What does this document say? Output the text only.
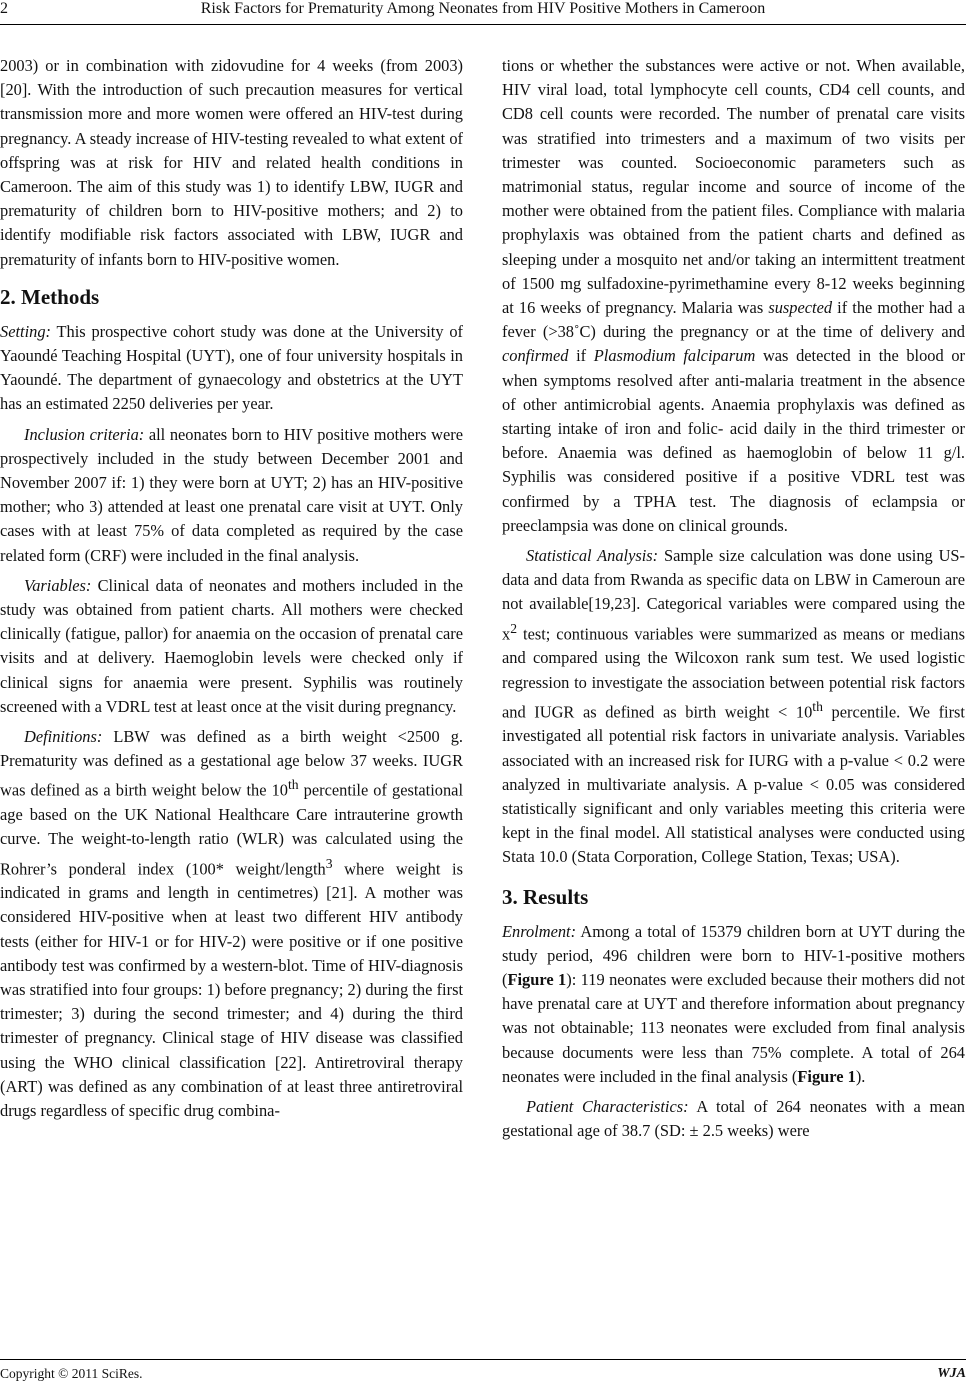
2	Risk Factors for Prematurity Among Neonates from HIV Positive Mothers in Cameroon

2003) or in combination with zidovudine for 4 weeks (from 2003) [20]. With the introduction of such precaution measures for vertical transmission more and more women were offered an HIV-test during pregnancy. A steady increase of HIV-testing revealed to what extent of offspring was at risk for HIV and related health conditions in Cameroon. The aim of this study was 1) to identify LBW, IUGR and prematurity of children born to HIV-positive mothers; and 2) to identify modifiable risk factors associated with LBW, IUGR and prematurity of infants born to HIV-positive women.

2. Methods

Setting: This prospective cohort study was done at the University of Yaoundé Teaching Hospital (UYT), one of four university hospitals in Yaoundé. The department of gynaecology and obstetrics at the UYT has an estimated 2250 deliveries per year.

Inclusion criteria: all neonates born to HIV positive mothers were prospectively included in the study between December 2001 and November 2007 if: 1) they were born at UYT; 2) has an HIV-positive mother; who 3) attended at least one prenatal care visit at UYT. Only cases with at least 75% of data completed as required by the case related form (CRF) were included in the final analysis.

Variables: Clinical data of neonates and mothers included in the study was obtained from patient charts. All mothers were checked clinically (fatigue, pallor) for anaemia on the occasion of prenatal care visits and at delivery. Haemoglobin levels were checked only if clinical signs for anaemia were present. Syphilis was routinely screened with a VDRL test at least once at the visit during pregnancy.

Definitions: LBW was defined as a birth weight <2500 g. Prematurity was defined as a gestational age below 37 weeks. IUGR was defined as a birth weight below the 10th percentile of gestational age based on the UK National Healthcare Care intrauterine growth curve. The weight-to-length ratio (WLR) was calculated using the Rohrer’s ponderal index (100* weight/length$^3$ where weight is indicated in grams and length in centimetres) [21]. A mother was considered HIV-positive when at least two different HIV antibody tests (either for HIV-1 or for HIV-2) were positive or if one positive antibody test was confirmed by a western-blot. Time of HIV-diagnosis was stratified into four groups: 1) before pregnancy; 2) during the first trimester; 3) during the second trimester; and 4) during the third trimester of pregnancy. Clinical stage of HIV disease was classified using the WHO clinical classification [22]. Antiretroviral therapy (ART) was defined as any combination of at least three antiretroviral drugs regardless of specific drug combina-

tions or whether the substances were active or not. When available, HIV viral load, total lymphocyte cell counts, CD4 cell counts, and CD8 cell counts were recorded. The number of prenatal care visits was stratified into trimesters and a maximum of two visits per trimester was counted. Socioeconomic parameters such as matrimonial status, regular income and source of income of the mother were obtained from the patient files. Compliance with malaria prophylaxis was obtained from the patient charts and defined as sleeping under a mosquito net and/or taking an intermittent treatment of 1500 mg sulfadoxine-pyrimethamine every 8-12 weeks beginning at 16 weeks of pregnancy. Malaria was suspected if the mother had a fever (>38˚C) during the pregnancy or at the time of delivery and confirmed if Plasmodium falciparum was detected in the blood or when symptoms resolved after anti-malaria treatment in the absence of other antimicrobial agents. Anaemia prophylaxis was defined as starting intake of iron and folic- acid daily in the third trimester or before. Anaemia was defined as haemoglobin of below 11 g/l. Syphilis was considered positive if a positive VDRL test was confirmed by a TPHA test. The diagnosis of eclampsia or preeclampsia was done on clinical grounds.

Statistical Analysis: Sample size calculation was done using US-data and data from Rwanda as specific data on LBW in Cameroun are not available[19,23]. Categorical variables were compared using the $x^2$ test; continuous variables were summarized as means or medians and compared using the Wilcoxon rank sum test. We used logistic regression to investigate the association between potential risk factors and IUGR as defined as birth weight < 10th percentile. We first investigated all potential risk factors in univariate analysis. Variables associated with an increased risk for IURG with a p-value < 0.2 were analyzed in multivariate analysis. A p-value < 0.05 was considered statistically significant and only variables meeting this criteria were kept in the final model. All statistical analyses were conducted using Stata 10.0 (Stata Corporation, College Station, Texas; USA).

3. Results

Enrolment: Among a total of 15379 children born at UYT during the study period, 496 children were born to HIV-1-positive mothers (Figure 1): 119 neonates were excluded because their mothers did not have prenatal care at UYT and therefore information about pregnancy was not obtainable; 113 neonates were excluded from final analysis because documents were less than 75% complete. A total of 264 neonates were included in the final analysis (Figure 1).

Patient Characteristics: A total of 264 neonates with a mean gestational age of 38.7 (SD: ± 2.5 weeks) were

Copyright © 2011 SciRes.	WJA
